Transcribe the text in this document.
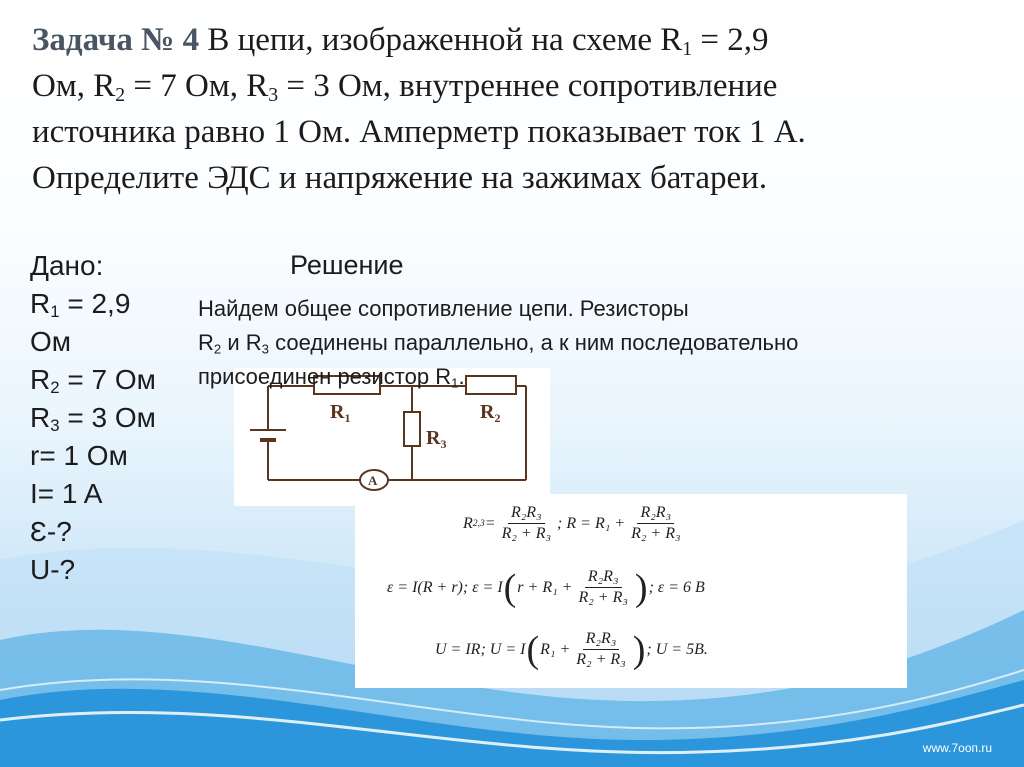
Задача № 4 В цепи, изображенной на схеме $R_1 = 2,9$
Ом, $R_2 = 7$ Ом, $R_3 = 3$ Ом, внутреннее сопротивление
источника равно 1 Ом. Амперметр показывает ток 1 А.
Определите ЭДС и напряжение на зажимах батареи.
Дано:
$R_1 = 2,9$
Ом
$R_2 = 7$ Ом
$R_3 = 3$ Ом
r= 1 Ом
I= 1 A
Ɛ-?
U-?
Решение
$R_1$	$R_2$
$R_3$
A
Найдем общее сопротивление цепи. Резисторы
$R_2$ и $R_3$ соединены параллельно, а к ним последовательно
присоединен резистор $R_1$.
R $2,3 = \frac{\text{R₂R₃}}{\text{R₂ + R₃}}$ ; $R = R_1 + \frac{\text{R₂R₃}}{\text{R₂ + R₃}}$
ε = I(R + r); ε = I ( $r + R_1 + \frac{\text{R₂R₃}}{\text{R₂ + R₃}}$ ) ; ε = 6 В
U = IR; U = I ( $R_1 + \frac{\text{R₂R₃}}{\text{R₂ + R₃}}$ ) ; U = 5В.
www.7ooп.ru
